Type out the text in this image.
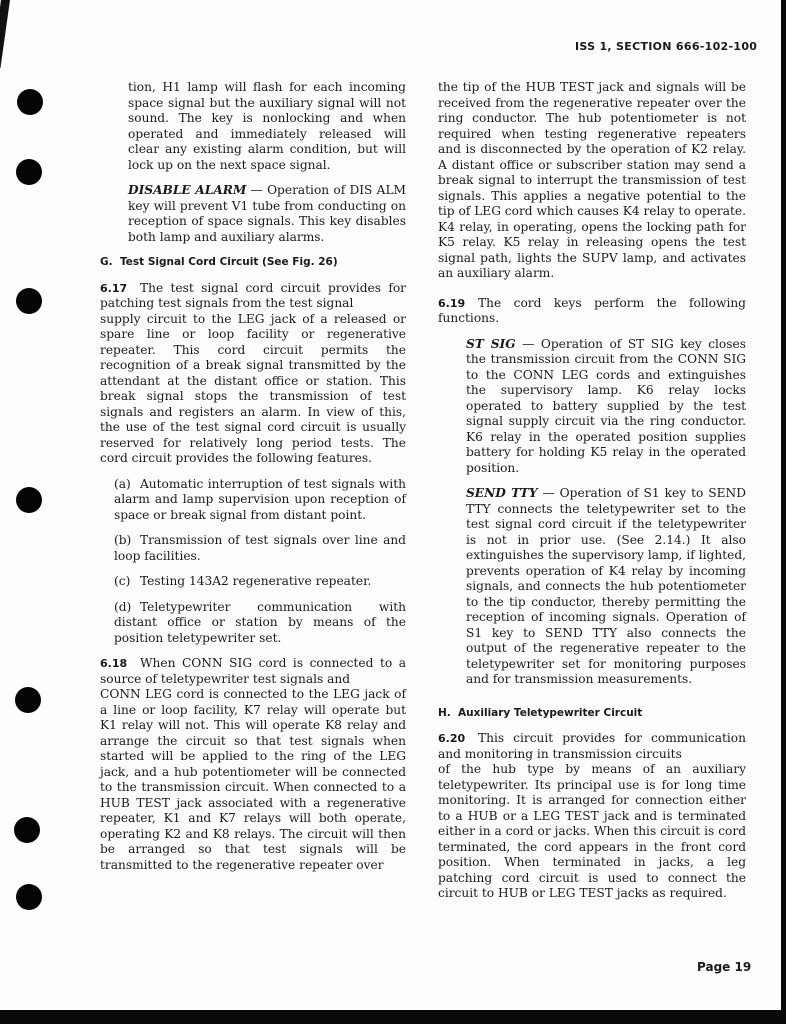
ISS 1, SECTION 666-102-100

tion, H1 lamp will flash for each incoming space signal but the auxiliary signal will not sound. The key is nonlocking and when operated and immediately released will clear any existing alarm condition, but will lock up on the next space signal.

DISABLE ALARM — Operation of DIS ALM key will prevent V1 tube from conducting on reception of space signals. This key disables both lamp and auxiliary alarms.

G. Test Signal Cord Circuit (See Fig. 26)

6.17 The test signal cord circuit provides for patching test signals from the test signal
supply circuit to the LEG jack of a released or spare line or loop facility or regenerative repeater. This cord circuit permits the recognition of a break signal transmitted by the attendant at the distant office or station. This break signal stops the transmission of test signals and registers an alarm. In view of this, the use of the test signal cord circuit is usually reserved for relatively long period tests. The cord circuit provides the following features.

(a) Automatic interruption of test signals with alarm and lamp supervision upon reception of space or break signal from distant point.

(b) Transmission of test signals over line and loop facilities.

(c) Testing 143A2 regenerative repeater.

(d) Teletypewriter communication with distant office or station by means of the position teletypewriter set.

6.18 When CONN SIG cord is connected to a source of teletypewriter test signals and
CONN LEG cord is connected to the LEG jack of a line or loop facility, K7 relay will operate but K1 relay will not. This will operate K8 relay and arrange the circuit so that test signals when started will be applied to the ring of the LEG jack, and a hub potentiometer will be connected to the transmission circuit. When connected to a HUB TEST jack associated with a regenerative repeater, K1 and K7 relays will both operate, operating K2 and K8 relays. The circuit will then be arranged so that test signals will be transmitted to the regenerative repeater over

the tip of the HUB TEST jack and signals will be received from the regenerative repeater over the ring conductor. The hub potentiometer is not required when testing regenerative repeaters and is disconnected by the operation of K2 relay. A distant office or subscriber station may send a break signal to interrupt the transmission of test signals. This applies a negative potential to the tip of LEG cord which causes K4 relay to operate. K4 relay, in operating, opens the locking path for K5 relay. K5 relay in releasing opens the test signal path, lights the SUPV lamp, and activates an auxiliary alarm.

6.19 The cord keys perform the following functions.

ST SIG — Operation of ST SIG key closes the transmission circuit from the CONN SIG to the CONN LEG cords and extinguishes the supervisory lamp. K6 relay locks operated to battery supplied by the test signal supply circuit via the ring conductor. K6 relay in the operated position supplies battery for holding K5 relay in the operated position.

SEND TTY — Operation of S1 key to SEND TTY connects the teletypewriter set to the test signal cord circuit if the teletypewriter is not in prior use. (See 2.14.) It also extinguishes the supervisory lamp, if lighted, prevents operation of K4 relay by incoming signals, and connects the hub potentiometer to the tip conductor, thereby permitting the reception of incoming signals. Operation of S1 key to SEND TTY also connects the output of the regenerative repeater to the teletypewriter set for monitoring purposes and for transmission measurements.

H. Auxiliary Teletypewriter Circuit

6.20 This circuit provides for communication and monitoring in transmission circuits
of the hub type by means of an auxiliary teletypewriter. Its principal use is for long time monitoring. It is arranged for connection either to a HUB or a LEG TEST jack and is terminated either in a cord or jacks. When this circuit is cord terminated, the cord appears in the front cord position. When terminated in jacks, a leg patching cord circuit is used to connect the circuit to HUB or LEG TEST jacks as required.

Page 19
